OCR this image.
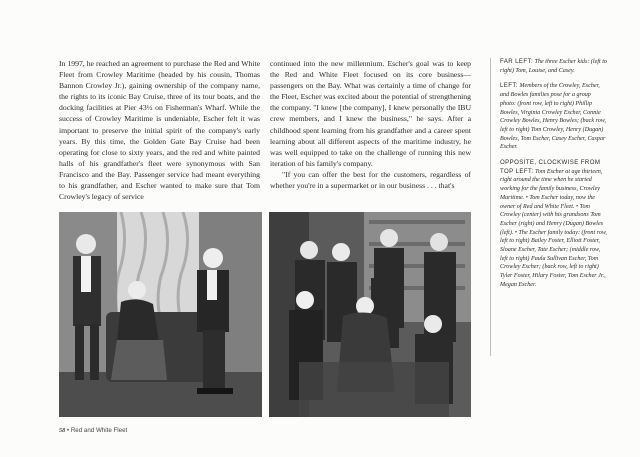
In 1997, he reached an agreement to purchase the Red and White Fleet from Crowley Maritime (headed by his cousin, Thomas Bannon Crowley Jr.), gaining ownership of the company name, the rights to its iconic Bay Cruise, three of its tour boats, and the docking facilities at Pier 43½ on Fisherman's Wharf. While the success of Crowley Maritime is undeniable, Escher felt it was important to preserve the initial spirit of the company's early years. By this time, the Golden Gate Bay Cruise had been operating for close to sixty years, and the red and white painted halls of his grandfather's fleet were synonymous with San Francisco and the Bay. Passenger service had meant everything to his grandfather, and Escher wanted to make sure that Tom Crowley's legacy of service

continued into the new millennium. Escher's goal was to keep the Red and White Fleet focused on its core business—passengers on the Bay. What was certainly a time of change for the Fleet, Escher was excited about the potential of strengthening the company. "I knew [the company], I knew personally the IBU crew members, and I knew the business," he says. After a childhood spent learning from his grandfather and a career spent learning about all different aspects of the maritime industry, he was well equipped to take on the challenge of running this new iteration of his family's company.

"If you can offer the best for the customers, regardless of whether you're in a supermarket or in our business . . . that's

FAR LEFT: The three Escher kids: (left to right) Tom, Louise, and Casey.

LEFT: Members of the Crowley, Escher, and Bowles families pose for a group photo: (front row, left to right) Phillip Bowles, Virginia Crowley Escher, Connie Crowley Bowles, Henry Bowles; (back row, left to right) Tom Crowley, Henry (Dugan) Bowles, Tom Escher, Casey Escher, Caspar Escher.

OPPOSITE, CLOCKWISE FROM TOP LEFT: Tom Escher at age thirteen, right around the time when he started working for the family business, Crowley Maritime. • Tom Escher today, now the owner of Red and White Fleet. • Tom Crowley (center) with his grandsons Tom Escher (right) and Henry (Dugan) Bowles (left). • The Escher family today: (front row, left to right) Bailey Foster, Elliott Foster, Sloane Escher, Tate Escher; (middle row, left to right) Paula Sullivan Escher, Tom Crowley Escher; (back row, left to right) Tyler Foster, Hilary Foster, Tom Escher Jr., Megan Escher.

58 • Red and White Fleet
